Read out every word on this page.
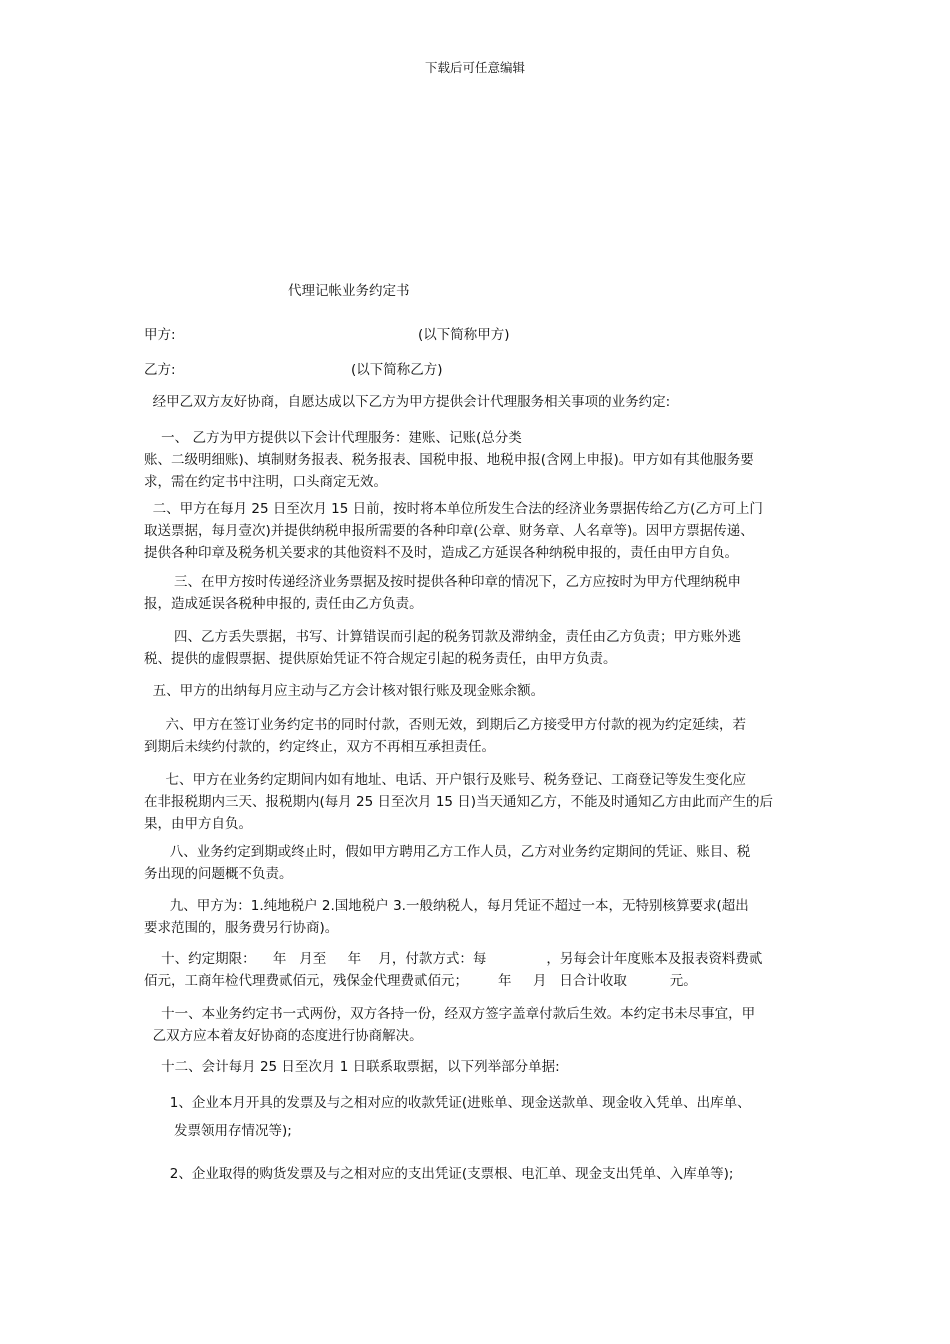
下载后可任意编辑
代理记帐业务约定书
甲方:	(以下简称甲方)
乙方:	(以下简称乙方)
经甲乙双方友好协商，自愿达成以下乙方为甲方提供会计代理服务相关事项的业务约定:
一、 乙方为甲方提供以下会计代理服务：建账、记账(总分类
账、二级明细账)、填制财务报表、税务报表、国税申报、地税申报(含网上申报)。甲方如有其他服务要
求，需在约定书中注明，口头商定无效。
二、甲方在每月 25 日至次月 15 日前，按时将本单位所发生合法的经济业务票据传给乙方(乙方可上门
取送票据，每月壹次)并提供纳税申报所需要的各种印章(公章、财务章、人名章等)。因甲方票据传递、
提供各种印章及税务机关要求的其他资料不及时，造成乙方延误各种纳税申报的，责任由甲方自负。
三、在甲方按时传递经济业务票据及按时提供各种印章的情况下，乙方应按时为甲方代理纳税申
报，造成延误各税种申报的, 责任由乙方负责。
四、乙方丢失票据，书写、计算错误而引起的税务罚款及滞纳金，责任由乙方负责；甲方账外逃
税、提供的虚假票据、提供原始凭证不符合规定引起的税务责任，由甲方负责。
五、甲方的出纳每月应主动与乙方会计核对银行账及现金账余额。
六、甲方在签订业务约定书的同时付款，否则无效，到期后乙方接受甲方付款的视为约定延续，若
到期后未续约付款的，约定终止，双方不再相互承担责任。
七、甲方在业务约定期间内如有地址、电话、开户银行及账号、税务登记、工商登记等发生变化应
在非报税期内三天、报税期内(每月 25 日至次月 15 日)当天通知乙方，不能及时通知乙方由此而产生的后
果，由甲方自负。
八、业务约定到期或终止时，假如甲方聘用乙方工作人员，乙方对业务约定期间的凭证、账目、税
务出现的问题概不负责。
九、甲方为：1.纯地税户 2.国地税户 3.一般纳税人，每月凭证不超过一本，无特别核算要求(超出
要求范围的，服务费另行协商)。
十、约定期限：    年   月至     年    月，付款方式：每              ，另每会计年度账本及报表资料费贰
佰元，工商年检代理费贰佰元，残保金代理费贰佰元；       年     月   日合计收取          元。
十一、本业务约定书一式两份，双方各持一份，经双方签字盖章付款后生效。本约定书未尽事宜，甲
乙双方应本着友好协商的态度进行协商解决。
十二、会计每月 25 日至次月 1 日联系取票据，以下列举部分单据:
1、企业本月开具的发票及与之相对应的收款凭证(进账单、现金送款单、现金收入凭单、出库单、
发票领用存情况等);
2、企业取得的购货发票及与之相对应的支出凭证(支票根、电汇单、现金支出凭单、入库单等);
